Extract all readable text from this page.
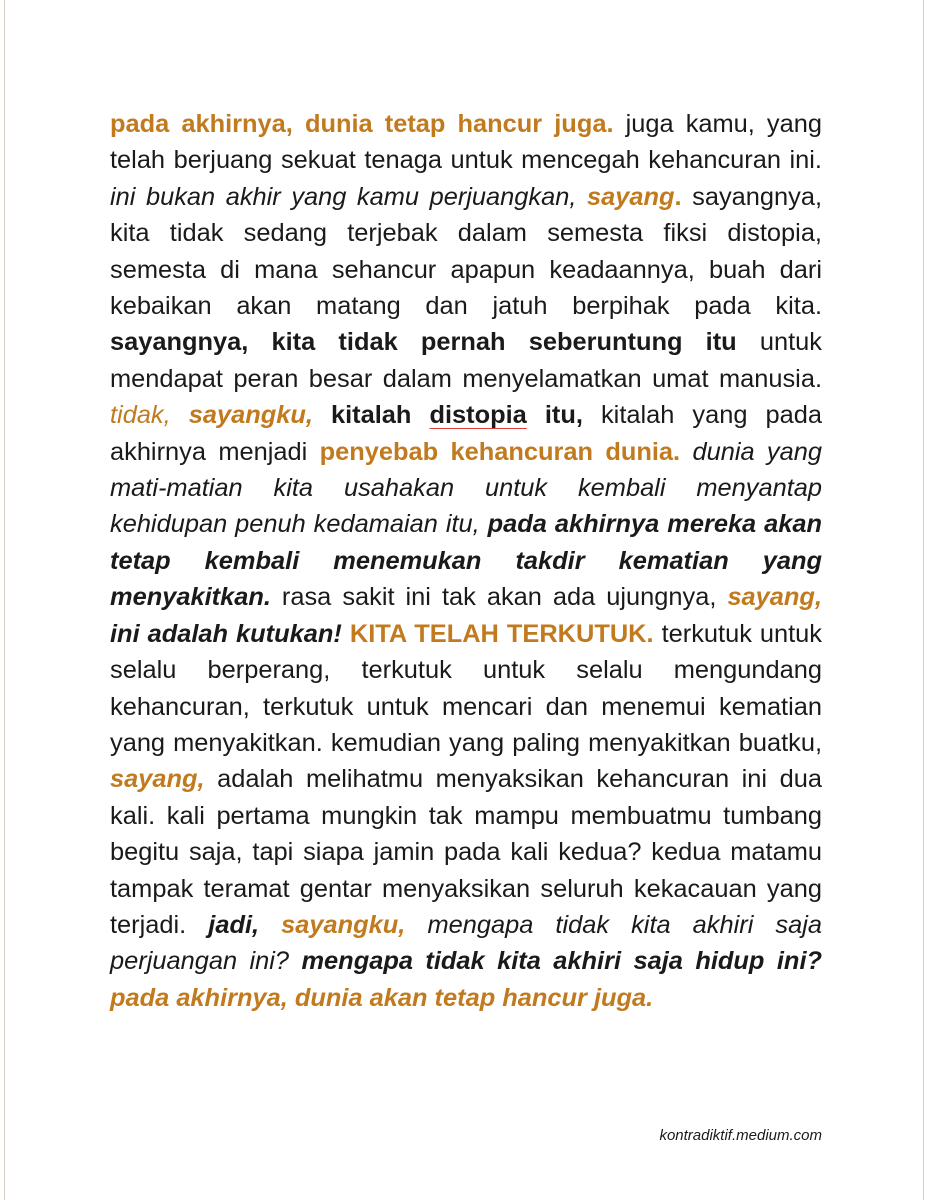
pada akhirnya, dunia tetap hancur juga. juga kamu, yang telah berjuang sekuat tenaga untuk mencegah kehancuran ini. ini bukan akhir yang kamu perjuangkan, sayang. sayangnya, kita tidak sedang terjebak dalam semesta fiksi distopia, semesta di mana sehancur apapun keadaannya, buah dari kebaikan akan matang dan jatuh berpihak pada kita. sayangnya, kita tidak pernah seberuntung itu untuk mendapat peran besar dalam menyelamatkan umat manusia. tidak, sayangku, kitalah distopia itu, kitalah yang pada akhirnya menjadi penyebab kehancuran dunia. dunia yang mati-matian kita usahakan untuk kembali menyantap kehidupan penuh kedamaian itu, pada akhirnya mereka akan tetap kembali menemukan takdir kematian yang menyakitkan. rasa sakit ini tak akan ada ujungnya, sayang, ini adalah kutukan! KITA TELAH TERKUTUK. terkutuk untuk selalu berperang, terkutuk untuk selalu mengundang kehancuran, terkutuk untuk mencari dan menemui kematian yang menyakitkan. kemudian yang paling menyakitkan buatku, sayang, adalah melihatmu menyaksikan kehancuran ini dua kali. kali pertama mungkin tak mampu membuatmu tumbang begitu saja, tapi siapa jamin pada kali kedua? kedua matamu tampak teramat gentar menyaksikan seluruh kekacauan yang terjadi. jadi, sayangku, mengapa tidak kita akhiri saja perjuangan ini? mengapa tidak kita akhiri saja hidup ini? pada akhirnya, dunia akan tetap hancur juga.

kontradiktif.medium.com
